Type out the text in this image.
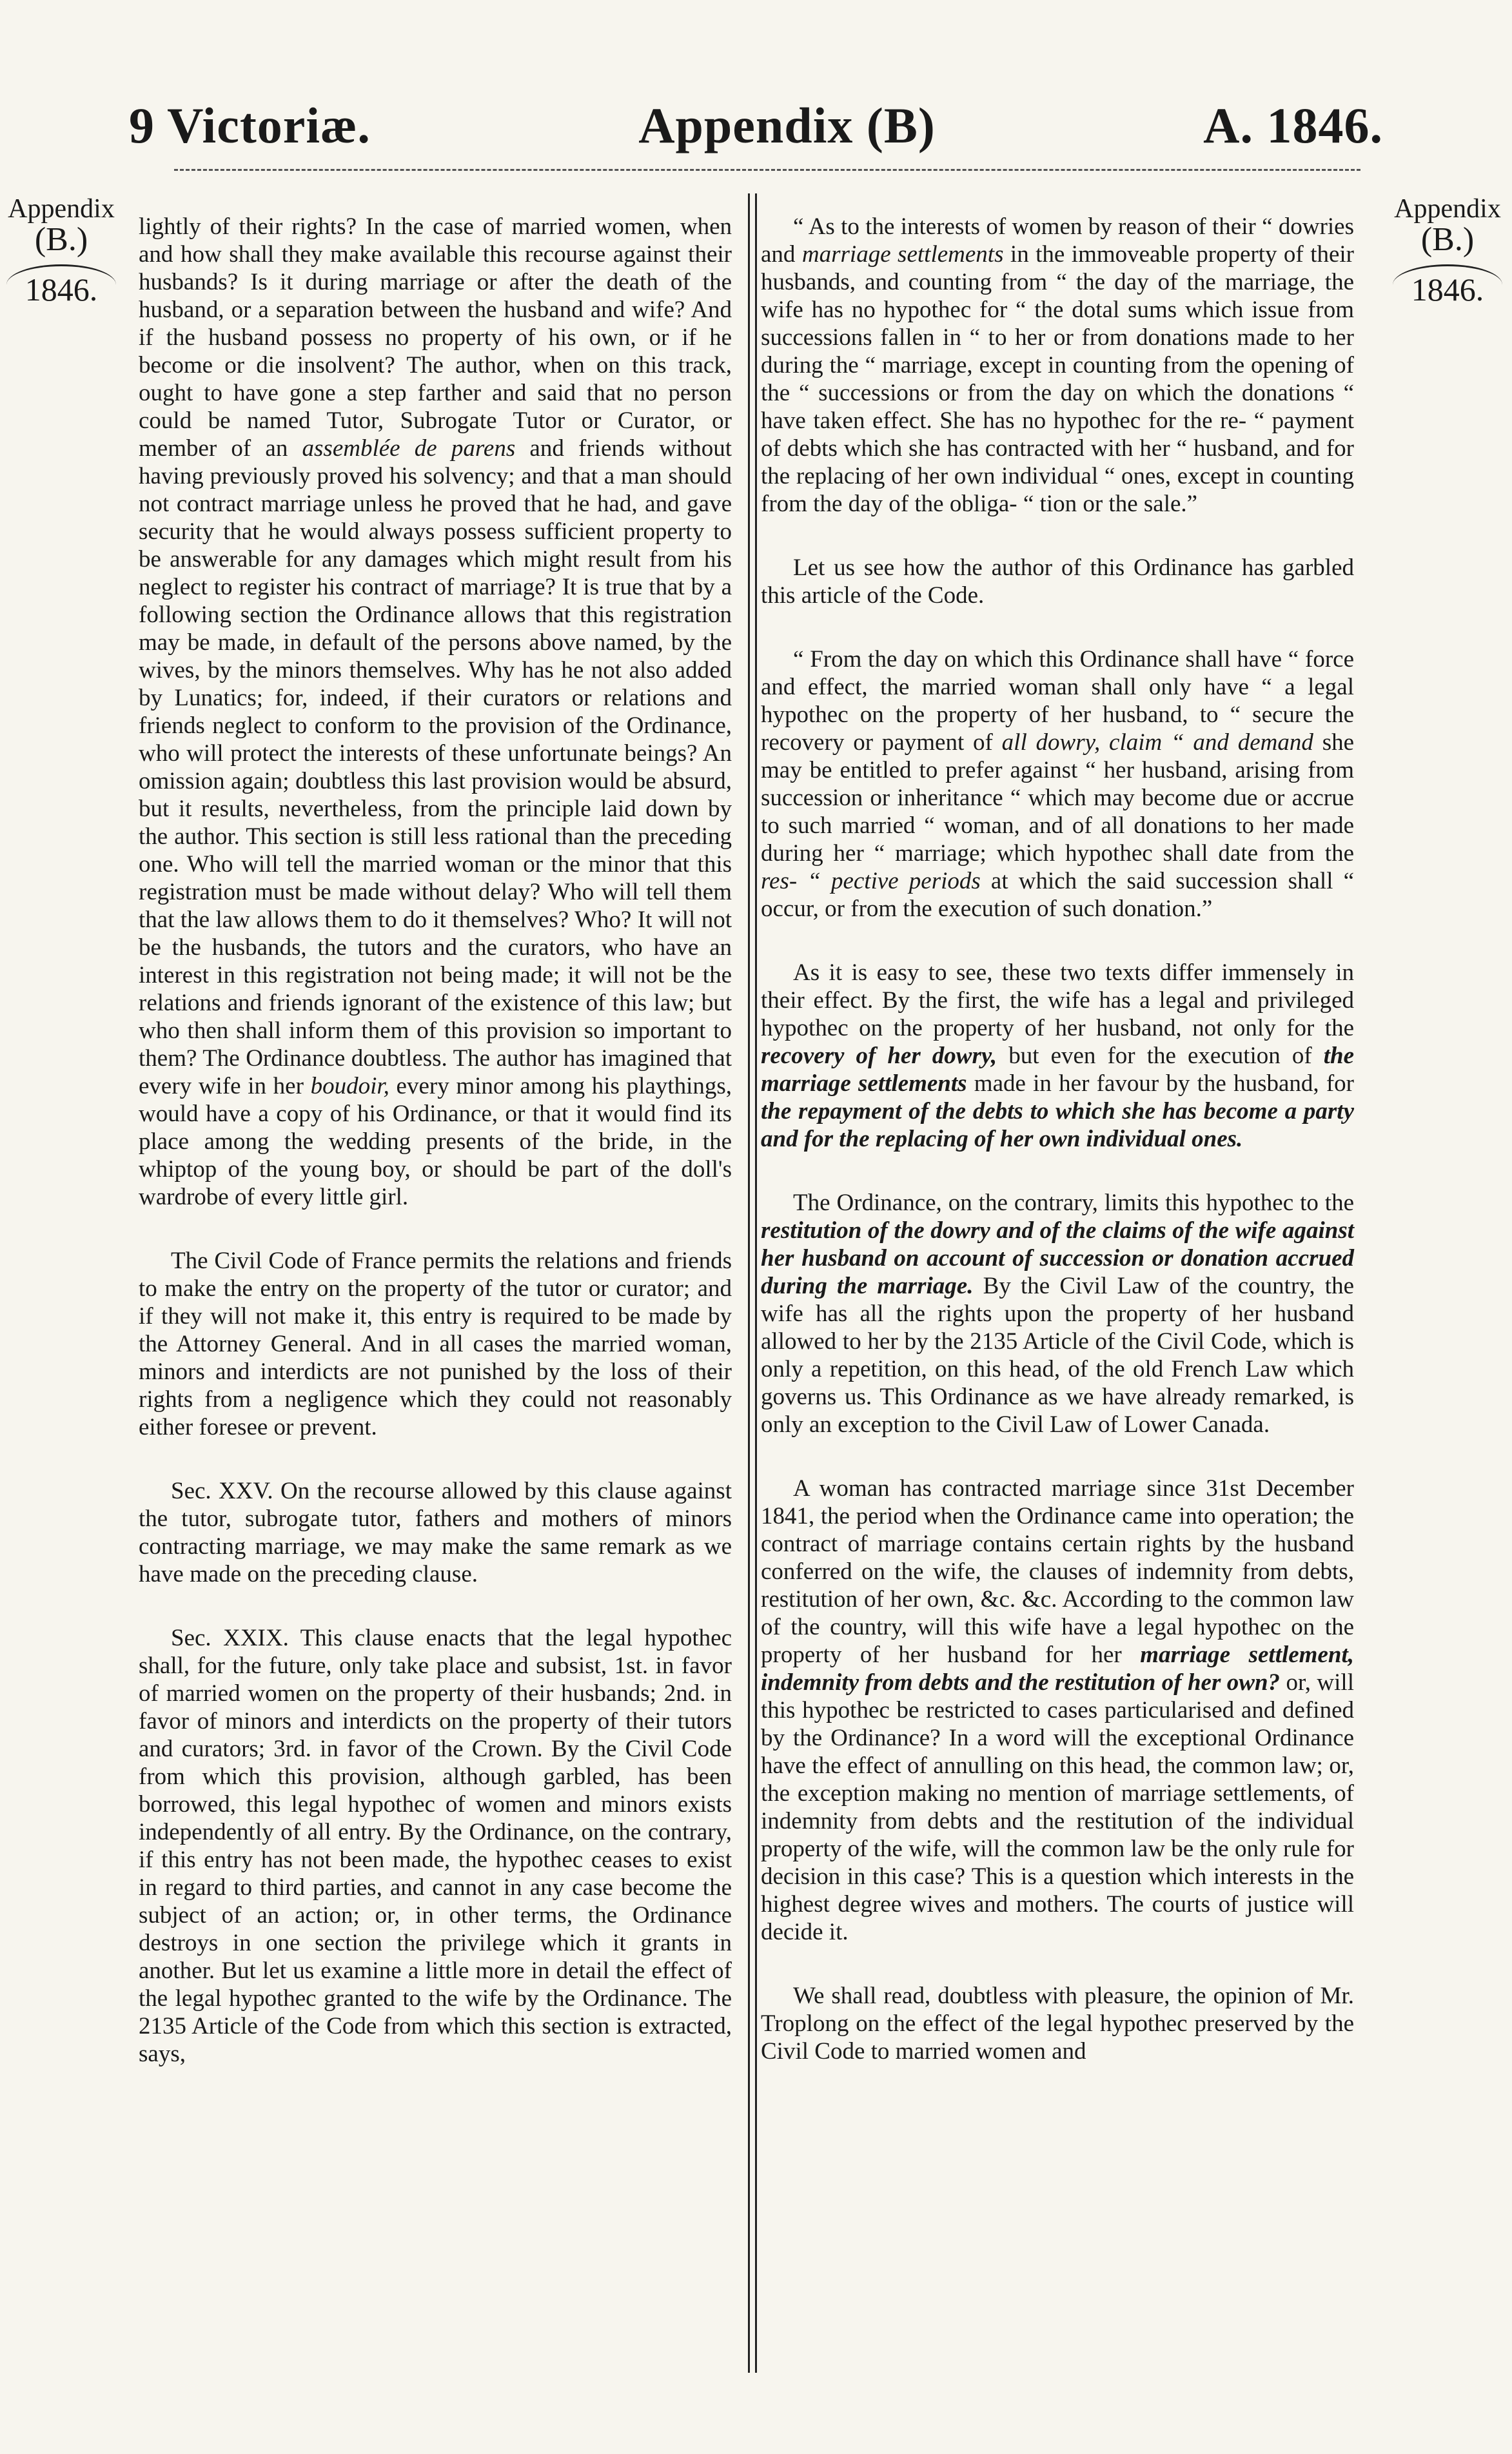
9 Victoriæ.	Appendix (B)	A. 1846.
Appendix
(B.)
1846.
Appendix
(B.)
1846.

lightly of their rights? In the case of married women, when and how shall they make available this recourse against their husbands? Is it during marriage or after the death of the husband, or a separation between the husband and wife? And if the husband possess no property of his own, or if he become or die insolvent? The author, when on this track, ought to have gone a step farther and said that no person could be named Tutor, Subrogate Tutor or Curator, or member of an assemblée de parens and friends without having previously proved his solvency; and that a man should not contract marriage unless he proved that he had, and gave security that he would always possess sufficient property to be answerable for any damages which might result from his neglect to register his contract of marriage? It is true that by a following section the Ordinance allows that this registration may be made, in default of the persons above named, by the wives, by the minors themselves. Why has he not also added by Lunatics; for, indeed, if their curators or relations and friends neglect to conform to the provision of the Ordinance, who will protect the interests of these unfortunate beings? An omission again; doubtless this last provision would be absurd, but it results, nevertheless, from the principle laid down by the author. This section is still less rational than the preceding one. Who will tell the married woman or the minor that this registration must be made without delay? Who will tell them that the law allows them to do it themselves? Who? It will not be the husbands, the tutors and the curators, who have an interest in this registration not being made; it will not be the relations and friends ignorant of the existence of this law; but who then shall inform them of this provision so important to them? The Ordinance doubtless. The author has imagined that every wife in her boudoir, every minor among his playthings, would have a copy of his Ordinance, or that it would find its place among the wedding presents of the bride, in the whiptop of the young boy, or should be part of the doll's wardrobe of every little girl.

The Civil Code of France permits the relations and friends to make the entry on the property of the tutor or curator; and if they will not make it, this entry is required to be made by the Attorney General. And in all cases the married woman, minors and interdicts are not punished by the loss of their rights from a negligence which they could not reasonably either foresee or prevent.

Sec. XXV. On the recourse allowed by this clause against the tutor, subrogate tutor, fathers and mothers of minors contracting marriage, we may make the same remark as we have made on the preceding clause.

Sec. XXIX. This clause enacts that the legal hypothec shall, for the future, only take place and subsist, 1st. in favor of married women on the property of their husbands; 2nd. in favor of minors and interdicts on the property of their tutors and curators; 3rd. in favor of the Crown. By the Civil Code from which this provision, although garbled, has been borrowed, this legal hypothec of women and minors exists independently of all entry. By the Ordinance, on the contrary, if this entry has not been made, the hypothec ceases to exist in regard to third parties, and cannot in any case become the subject of an action; or, in other terms, the Ordinance destroys in one section the privilege which it grants in another. But let us examine a little more in detail the effect of the legal hypothec granted to the wife by the Ordinance. The 2135 Article of the Code from which this section is extracted, says,

“ As to the interests of women by reason of their “ dowries and marriage settlements in the immoveable property of their husbands, and counting from “ the day of the marriage, the wife has no hypothec for “ the dotal sums which issue from successions fallen in “ to her or from donations made to her during the “ marriage, except in counting from the opening of the “ successions or from the day on which the donations “ have taken effect. She has no hypothec for the re- “ payment of debts which she has contracted with her “ husband, and for the replacing of her own individual “ ones, except in counting from the day of the obliga- “ tion or the sale.”

Let us see how the author of this Ordinance has garbled this article of the Code.

“ From the day on which this Ordinance shall have “ force and effect, the married woman shall only have “ a legal hypothec on the property of her husband, to “ secure the recovery or payment of all dowry, claim “ and demand she may be entitled to prefer against “ her husband, arising from succession or inheritance “ which may become due or accrue to such married “ woman, and of all donations to her made during her “ marriage; which hypothec shall date from the res- “ pective periods at which the said succession shall “ occur, or from the execution of such donation.”

As it is easy to see, these two texts differ immensely in their effect. By the first, the wife has a legal and privileged hypothec on the property of her husband, not only for the recovery of her dowry, but even for the execution of the marriage settlements made in her favour by the husband, for the repayment of the debts to which she has become a party and for the replacing of her own individual ones.

The Ordinance, on the contrary, limits this hypothec to the restitution of the dowry and of the claims of the wife against her husband on account of succession or donation accrued during the marriage. By the Civil Law of the country, the wife has all the rights upon the property of her husband allowed to her by the 2135 Article of the Civil Code, which is only a repetition, on this head, of the old French Law which governs us. This Ordinance as we have already remarked, is only an exception to the Civil Law of Lower Canada.

A woman has contracted marriage since 31st December 1841, the period when the Ordinance came into operation; the contract of marriage contains certain rights by the husband conferred on the wife, the clauses of indemnity from debts, restitution of her own, &c. &c. According to the common law of the country, will this wife have a legal hypothec on the property of her husband for her marriage settlement, indemnity from debts and the restitution of her own? or, will this hypothec be restricted to cases particularised and defined by the Ordinance? In a word will the exceptional Ordinance have the effect of annulling on this head, the common law; or, the exception making no mention of marriage settlements, of indemnity from debts and the restitution of the individual property of the wife, will the common law be the only rule for decision in this case? This is a question which interests in the highest degree wives and mothers. The courts of justice will decide it.

We shall read, doubtless with pleasure, the opinion of Mr. Troplong on the effect of the legal hypothec preserved by the Civil Code to married women and
